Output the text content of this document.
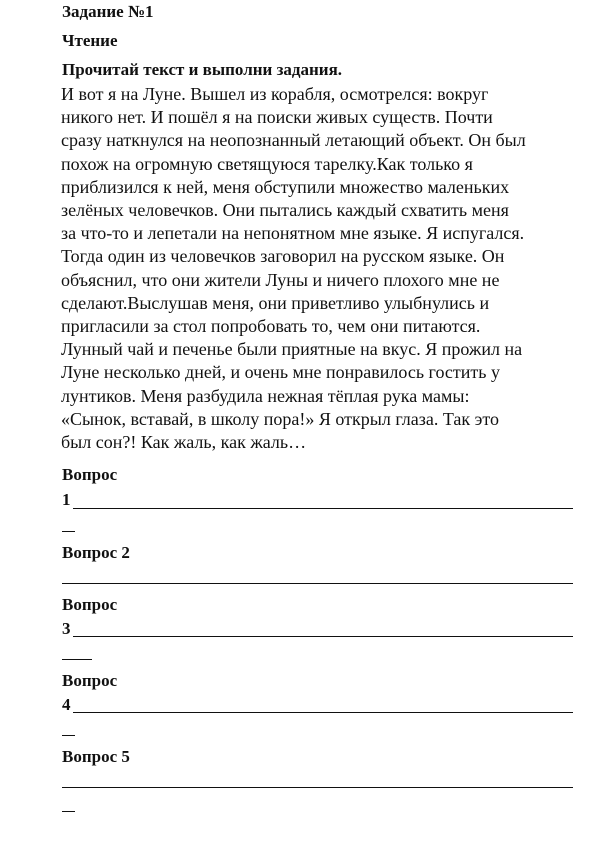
Задание №1
Чтение
Прочитай текст и выполни задания.
И вот я на Луне. Вышел из корабля, осмотрелся: вокруг
никого нет. И пошёл я на поиски живых существ. Почти
сразу наткнулся на неопознанный летающий объект. Он был
похож на огромную светящуюся тарелку.Как только я
приблизился к ней, меня обступили множество маленьких
зелёных человечков. Они пытались каждый схватить меня
за что-то и лепетали на непонятном мне языке. Я испугался.
Тогда один из человечков заговорил на русском языке. Он
объяснил, что они жители Луны и ничего плохого мне не
сделают.Выслушав меня, они приветливо улыбнулись и
пригласили за стол попробовать то, чем они питаются.
Лунный чай и печенье были приятные на вкус. Я прожил на
Луне несколько дней, и очень мне понравилось гостить у
лунтиков. Меня разбудила нежная тёплая рука мамы:
«Сынок, вставай, в школу пора!» Я открыл глаза. Так это
был сон?! Как жаль, как жаль…
Вопрос
1
Вопрос 2
Вопрос
3
Вопрос
4
Вопрос 5
